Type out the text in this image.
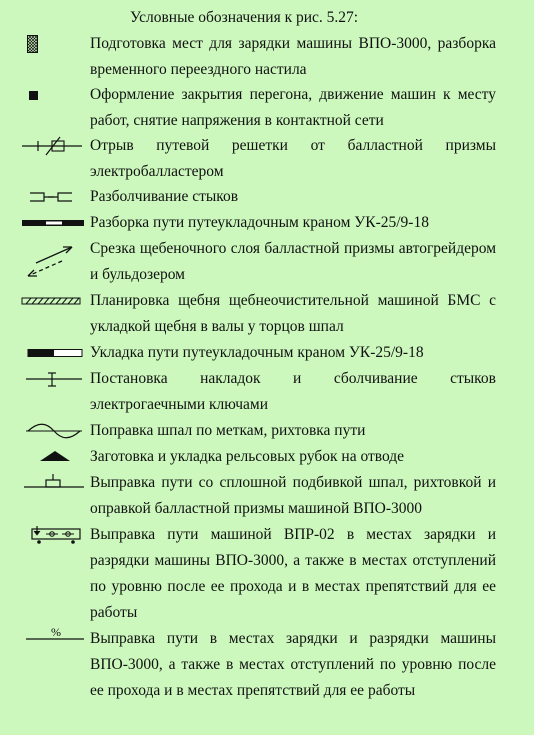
Условные обозначения к рис. 5.27:
Подготовка мест для зарядки машины ВПО-3000, разборка временного переездного настила
Оформление закрытия перегона, движение машин к месту работ, снятие напряжения в контактной сети
Отрыв путевой решетки от балластной призмы электробалластером
Разболчивание стыков
Разборка пути путеукладочным краном УК-25/9-18
Срезка щебеночного слоя балластной призмы автогрейдером и бульдозером
Планировка щебня щебнеочистительной машиной БМС с укладкой щебня в валы у торцов шпал
Укладка пути путеукладочным краном УК-25/9-18
Постановка накладок и сболчивание стыков электрогаечными ключами
Поправка шпал по меткам, рихтовка пути
Заготовка и укладка рельсовых рубок на отводе
Выправка пути со сплошной подбивкой шпал, рихтовкой и оправкой балластной призмы машиной ВПО-3000
Выправка пути машиной ВПР-02 в местах зарядки и разрядки машины ВПО-3000, а также в местах отступлений по уровню после ее прохода и в местах препятствий для ее работы
% Выправка пути в местах зарядки и разрядки машины ВПО-3000, а также в местах отступлений по уровню после ее прохода и в местах препятствий для ее работы
